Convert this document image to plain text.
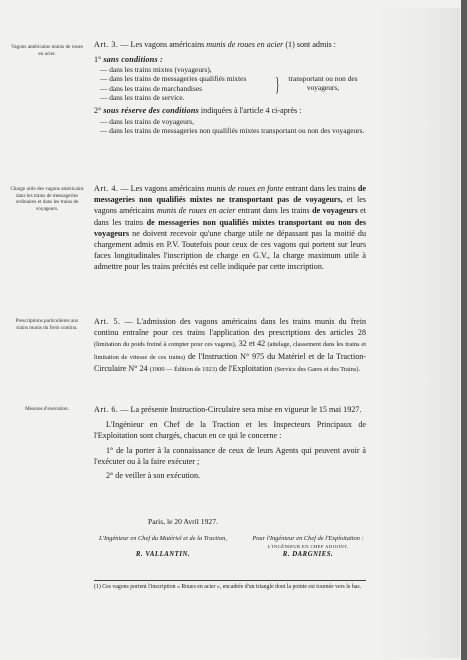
Vagons américains munis de roues en acier.
Charge utile des vagons américains dans les trains de messageries ordinaires et dans les trains de voyageurs.
Prescriptions particulières aux trains munis du frein continu.
Mesures d'exécution.

Art. 3. — Les vagons américains munis de roues en acier (1) sont admis :

1° sans conditions :

— dans les trains mixtes (voyageurs),
— dans les trains de messageries qualifiés mixtes
— dans les trains de marchandises
— dans les trains de service.
}	transportant ou non des voyageurs,

2° sous réserve des conditions indiquées à l'article 4 ci-après :

— dans les trains de voyageurs,
— dans les trains de messageries non qualifiés mixtes transportant ou non des voyageurs.

Art. 4. — Les vagons américains munis de roues en fonte entrant dans les trains de messageries non qualifiés mixtes ne transportant pas de voyageurs, et les vagons américains munis de roues en acier entrant dans les trains de voyageurs et dans les trains de messageries non qualifiés mixtes transportant ou non des voyageurs ne doivent recevoir qu'une charge utile ne dépassant pas la moitié du chargement admis en P.V. Toutefois pour ceux de ces vagons qui portent sur leurs faces longitudinales l'inscription de charge en G.V., la charge maximum utile à admettre pour les trains précités est celle indiquée par cette inscription.

Art. 5. — L'admission des vagons américains dans les trains munis du frein continu entraîne pour ces trains l'application des prescriptions des articles 28 (limitation du poids freiné à compter pour ces vagons), 32 et 42 (attelage, classement dans les trains et limitation de vitesse de ces trains) de l'Instruction N° 975 du Matériel et de la Traction-Circulaire N° 24 (1900 — Édition de 1923) de l'Exploitation (Service des Gares et des Trains).

Art. 6. — La présente Instruction-Circulaire sera mise en vigueur le 15 mai 1927.

L'Ingénieur en Chef de la Traction et les Inspecteurs Principaux de l'Exploitation sont chargés, chacun en ce qui le concerne :

1° de la porter à la connaissance de ceux de leurs Agents qui peuvent avoir à l'exécuter ou à la faire exécuter ;

2° de veiller à son exécution.

Paris, le 20 Avril 1927.
L'Ingénieur en Chef du Matériel et de la Traction,
R. VALLANTIN.
Pour l'Ingénieur en Chef de l'Exploitation :
L'INGÉNIEUR EN CHEF ADJOINT,
R. DARGNIES.
(1) Ces vagons portent l'inscription « Roues en acier », encadrée d'un triangle dont la pointe est tournée vers le bas.
